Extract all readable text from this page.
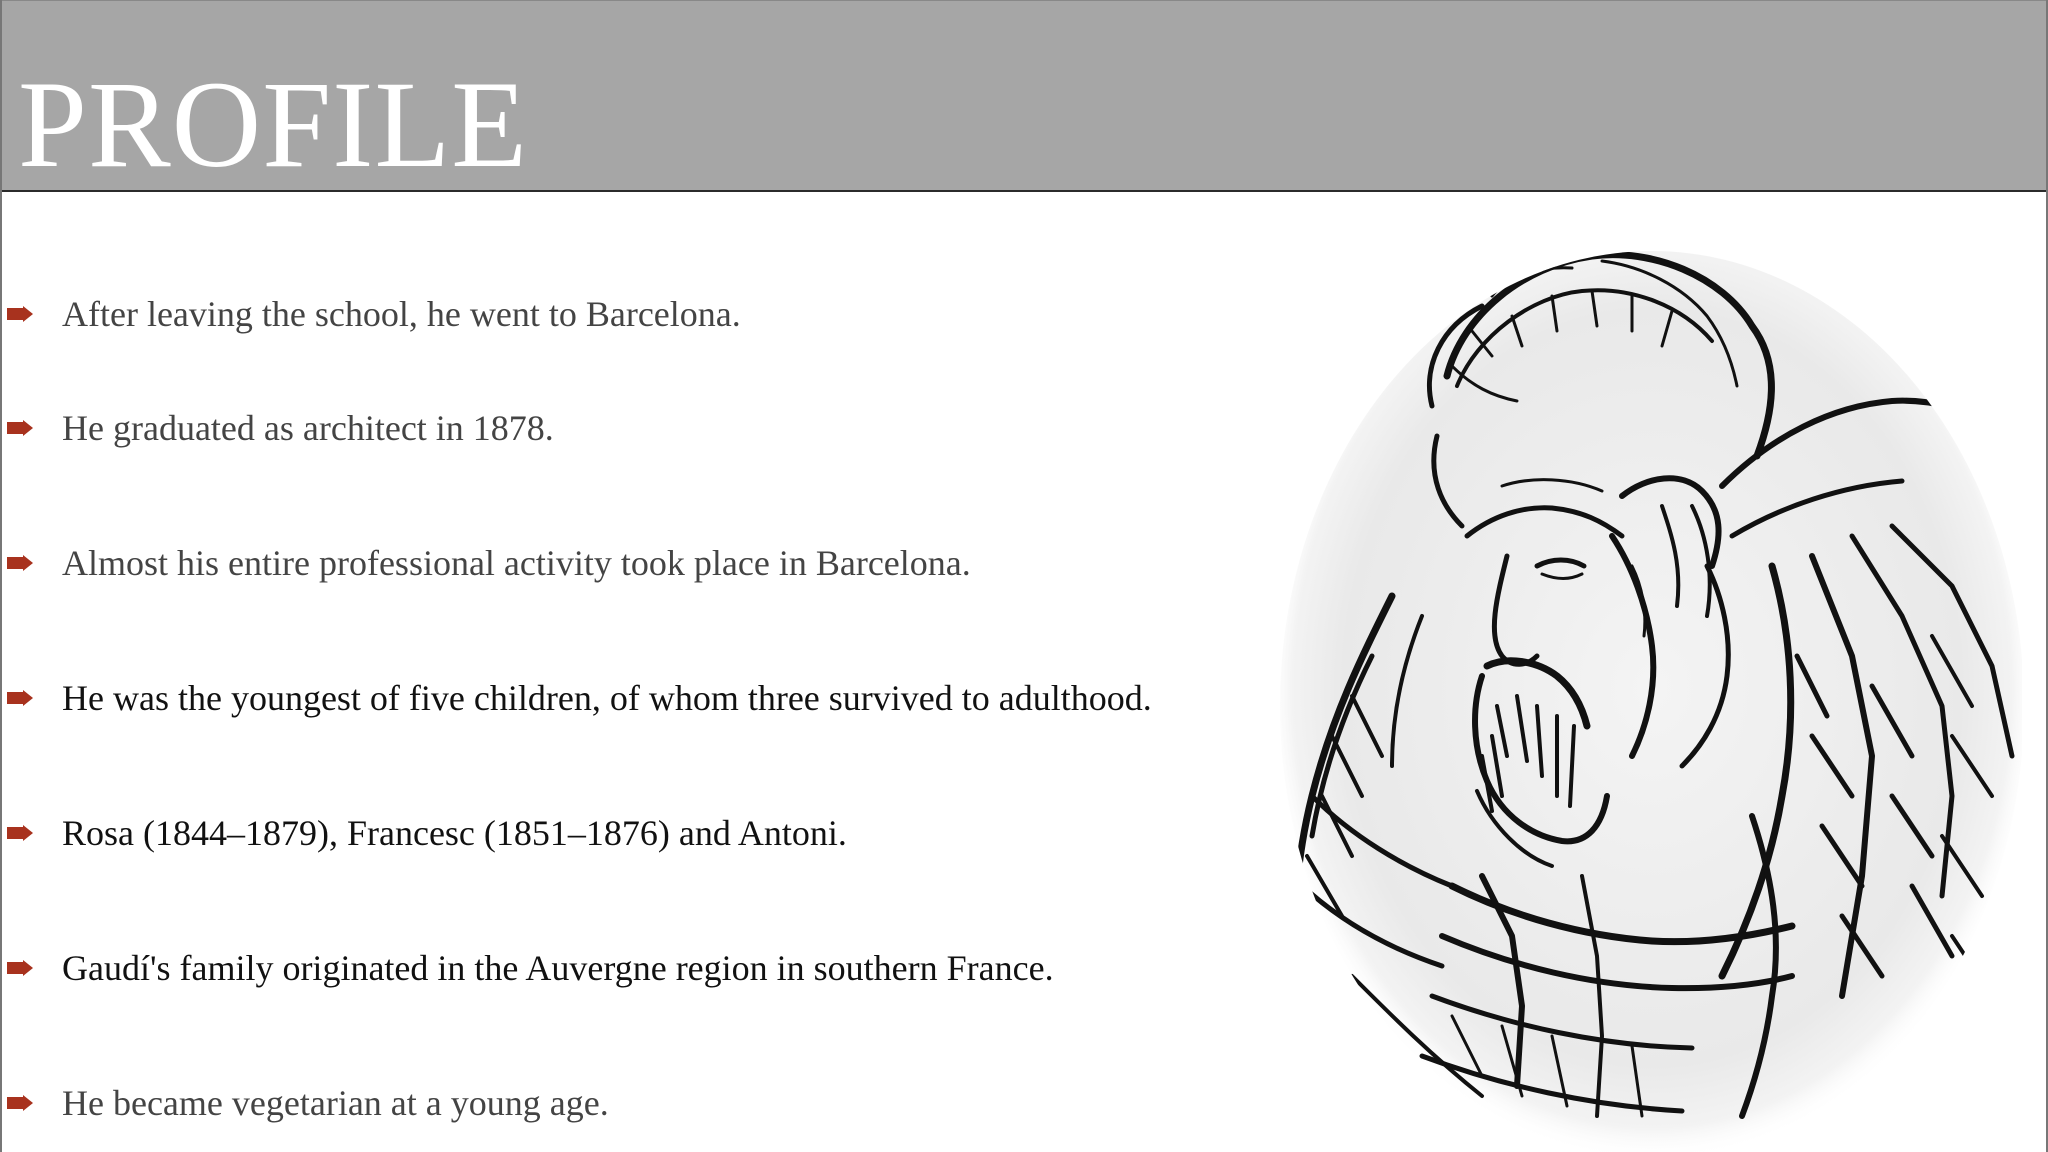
PROFILE
After leaving the school, he went to Barcelona.
He graduated as architect in 1878.
Almost his entire professional activity took place in Barcelona.
He was the youngest of five children, of whom three survived to adulthood.
Rosa (1844–1879), Francesc (1851–1876) and Antoni.
Gaudí's family originated in the Auvergne region in southern France.
He became vegetarian at a young age.
